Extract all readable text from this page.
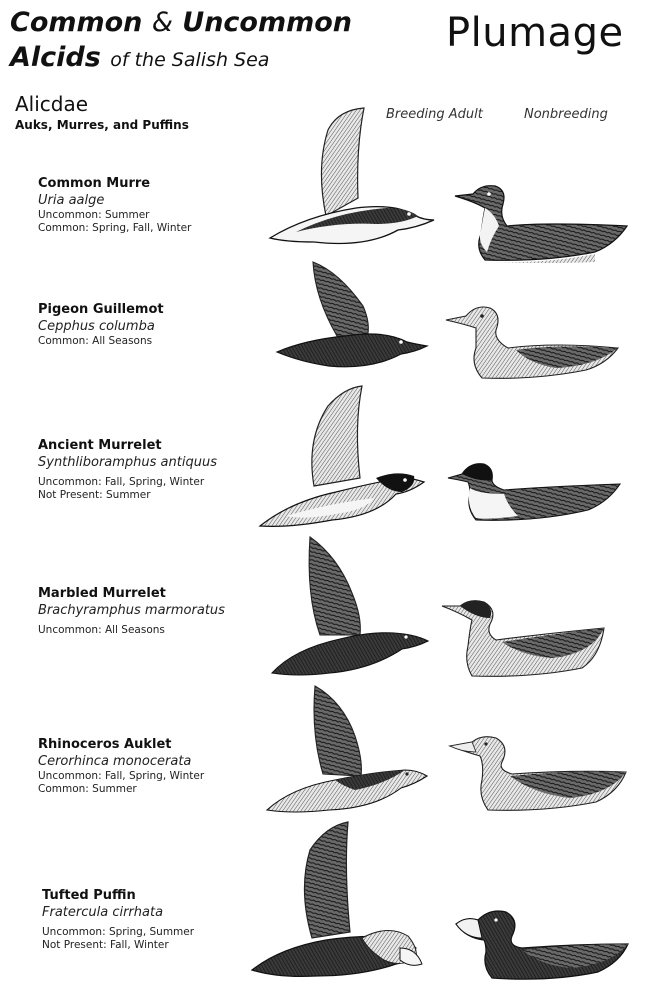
Common & Uncommon
Alcids of the Salish Sea
Plumage
Alicdae
Auks, Murres, and Puffins
Breeding Adult	Nonbreeding
Common Murre
Uria aalge
Uncommon: Summer
Common: Spring, Fall, Winter
Pigeon Guillemot
Cepphus columba
Common: All Seasons
Ancient Murrelet
Synthliboramphus antiquus
Uncommon: Fall, Spring, Winter
Not Present: Summer
Marbled Murrelet
Brachyramphus marmoratus
Uncommon: All Seasons
Rhinoceros Auklet
Cerorhinca monocerata
Uncommon: Fall, Spring, Winter
Common: Summer
Tufted Puffin
Fratercula cirrhata
Uncommon: Spring, Summer
Not Present: Fall, Winter
